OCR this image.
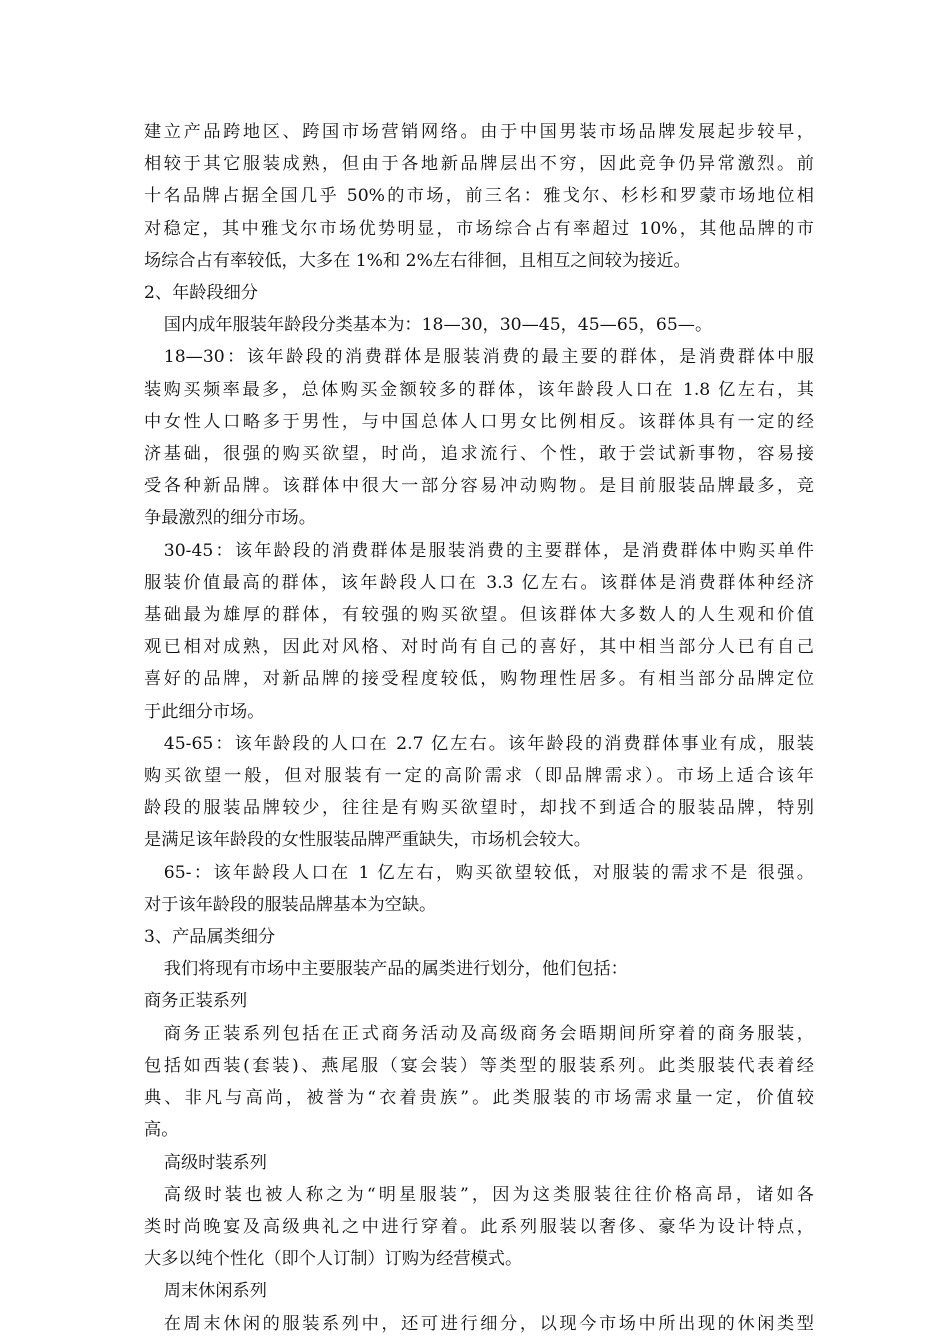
建立产品跨地区、跨国市场营销网络。由于中国男装市场品牌发展起步较早，
相较于其它服装成熟，但由于各地新品牌层出不穷，因此竞争仍异常激烈。前
十名品牌占据全国几乎 50%的市场，前三名：雅戈尔、杉杉和罗蒙市场地位相
对稳定，其中雅戈尔市场优势明显，市场综合占有率超过 10%，其他品牌的市
场综合占有率较低，大多在 1%和 2%左右徘徊，且相互之间较为接近。
2、年龄段细分
国内成年服装年龄段分类基本为：18—30，30—45，45—65，65—。
18—30：该年龄段的消费群体是服装消费的最主要的群体，是消费群体中服
装购买频率最多，总体购买金额较多的群体，该年龄段人口在 1.8 亿左右，其
中女性人口略多于男性，与中国总体人口男女比例相反。该群体具有一定的经
济基础，很强的购买欲望，时尚，追求流行、个性，敢于尝试新事物，容易接
受各种新品牌。该群体中很大一部分容易冲动购物。是目前服装品牌最多，竞
争最激烈的细分市场。
30-45：该年龄段的消费群体是服装消费的主要群体，是消费群体中购买单件
服装价值最高的群体，该年龄段人口在 3.3 亿左右。该群体是消费群体种经济
基础最为雄厚的群体，有较强的购买欲望。但该群体大多数人的人生观和价值
观已相对成熟，因此对风格、对时尚有自己的喜好，其中相当部分人已有自己
喜好的品牌，对新品牌的接受程度较低，购物理性居多。有相当部分品牌定位
于此细分市场。
45-65：该年龄段的人口在 2.7 亿左右。该年龄段的消费群体事业有成，服装
购买欲望一般，但对服装有一定的高阶需求（即品牌需求）。市场上适合该年
龄段的服装品牌较少，往往是有购买欲望时，却找不到适合的服装品牌，特别
是满足该年龄段的女性服装品牌严重缺失，市场机会较大。
65-：该年龄段人口在 1 亿左右，购买欲望较低，对服装的需求不是 很强。
对于该年龄段的服装品牌基本为空缺。
3、产品属类细分
我们将现有市场中主要服装产品的属类进行划分，他们包括：
商务正装系列
商务正装系列包括在正式商务活动及高级商务会晤期间所穿着的商务服装，
包括如西装(套装)、燕尾服（宴会装）等类型的服装系列。此类服装代表着经
典、非凡与高尚，被誉为“衣着贵族”。此类服装的市场需求量一定，价值较
高。
高级时装系列
高级时装也被人称之为“明星服装”，因为这类服装往往价格高昂，诸如各
类时尚晚宴及高级典礼之中进行穿着。此系列服装以奢侈、豪华为设计特点，
大多以纯个性化（即个人订制）订购为经营模式。
周末休闲系列
在周末休闲的服装系列中，还可进行细分，以现今市场中所出现的休闲类型
